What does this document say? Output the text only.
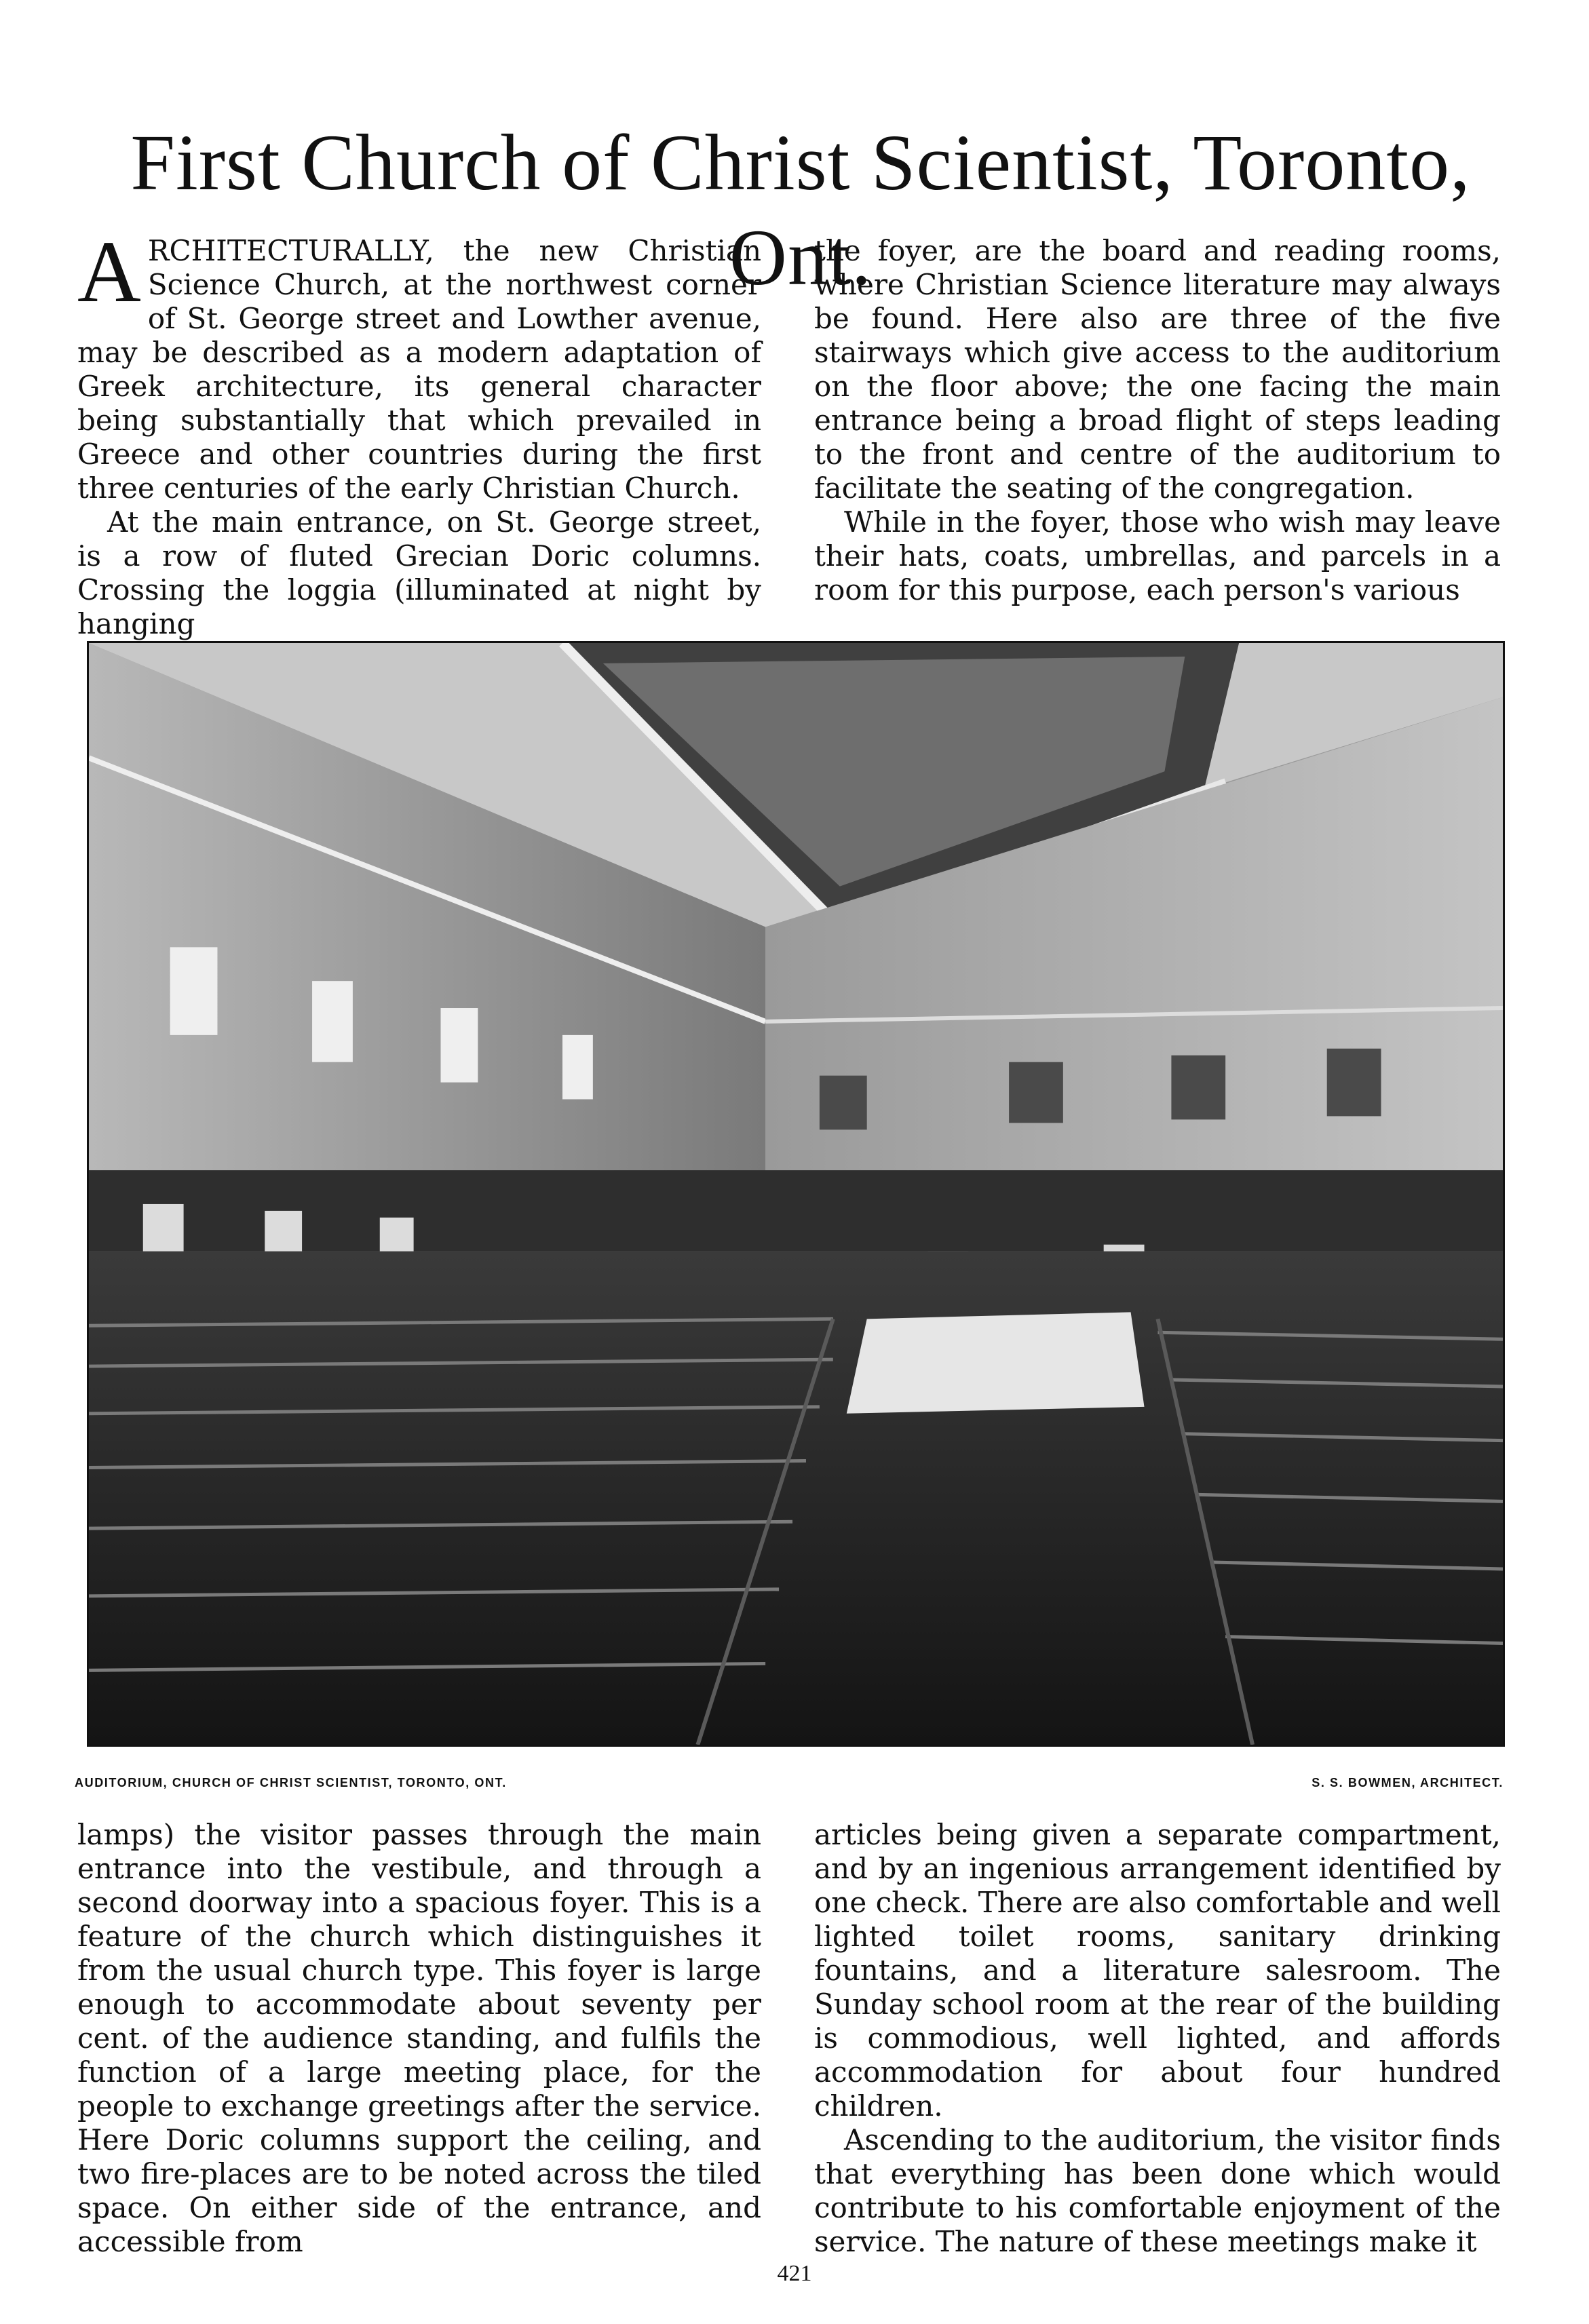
First Church of Christ Scientist, Toronto, Ont.

ARCHITECTURALLY, the new Christian Science Church, at the northwest corner of St. George street and Lowther avenue, may be described as a modern adaptation of Greek architecture, its general character being substantially that which prevailed in Greece and other countries during the first three centuries of the early Christian Church.

At the main entrance, on St. George street, is a row of fluted Grecian Doric columns. Crossing the loggia (illuminated at night by hanging

the foyer, are the board and reading rooms, where Christian Science literature may always be found. Here also are three of the five stairways which give access to the auditorium on the floor above; the one facing the main entrance being a broad flight of steps leading to the front and centre of the auditorium to facilitate the seating of the congregation.

While in the foyer, those who wish may leave their hats, coats, umbrellas, and parcels in a room for this purpose, each person's various

AUDITORIUM, CHURCH OF CHRIST SCIENTIST, TORONTO, ONT.	S. S. BOWMEN, ARCHITECT.

lamps) the visitor passes through the main entrance into the vestibule, and through a second doorway into a spacious foyer. This is a feature of the church which distinguishes it from the usual church type. This foyer is large enough to accommodate about seventy per cent. of the audience standing, and fulfils the function of a large meeting place, for the people to exchange greetings after the service. Here Doric columns support the ceiling, and two fire-places are to be noted across the tiled space. On either side of the entrance, and accessible from

articles being given a separate compartment, and by an ingenious arrangement identified by one check. There are also comfortable and well lighted toilet rooms, sanitary drinking fountains, and a literature salesroom. The Sunday school room at the rear of the building is commodious, well lighted, and affords accommodation for about four hundred children.

Ascending to the auditorium, the visitor finds that everything has been done which would contribute to his comfortable enjoyment of the service. The nature of these meetings make it

421
